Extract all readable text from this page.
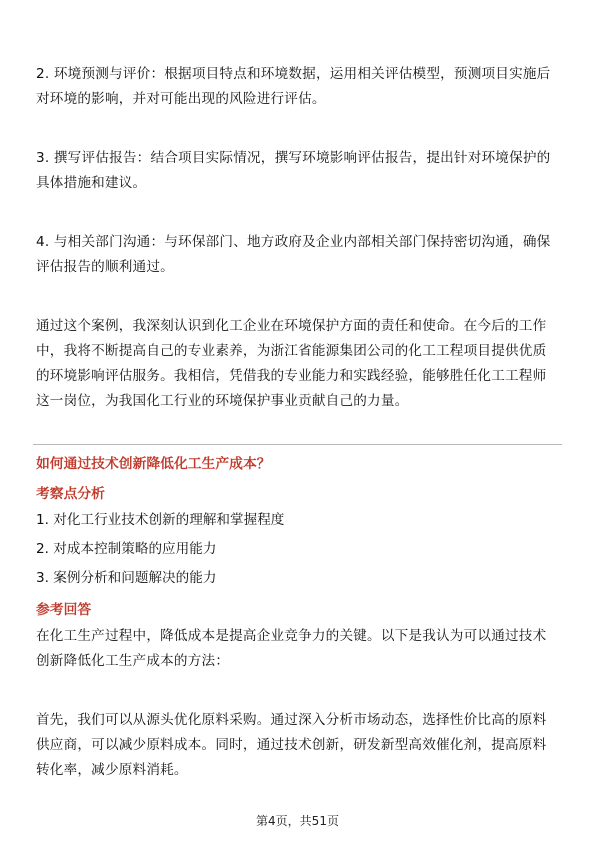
2. 环境预测与评价：根据项目特点和环境数据，运用相关评估模型，预测项目实施后对环境的影响，并对可能出现的风险进行评估。

3. 撰写评估报告：结合项目实际情况，撰写环境影响评估报告，提出针对环境保护的具体措施和建议。

4. 与相关部门沟通：与环保部门、地方政府及企业内部相关部门保持密切沟通，确保评估报告的顺利通过。

通过这个案例，我深刻认识到化工企业在环境保护方面的责任和使命。在今后的工作中，我将不断提高自己的专业素养，为浙江省能源集团公司的化工工程项目提供优质的环境影响评估服务。我相信，凭借我的专业能力和实践经验，能够胜任化工工程师这一岗位，为我国化工行业的环境保护事业贡献自己的力量。

如何通过技术创新降低化工生产成本？

考察点分析

1. 对化工行业技术创新的理解和掌握程度

2. 对成本控制策略的应用能力

3. 案例分析和问题解决的能力

参考回答

在化工生产过程中，降低成本是提高企业竞争力的关键。以下是我认为可以通过技术创新降低化工生产成本的方法：

首先，我们可以从源头优化原料采购。通过深入分析市场动态，选择性价比高的原料供应商，可以减少原料成本。同时，通过技术创新，研发新型高效催化剂，提高原料转化率，减少原料消耗。

第4页，共51页
